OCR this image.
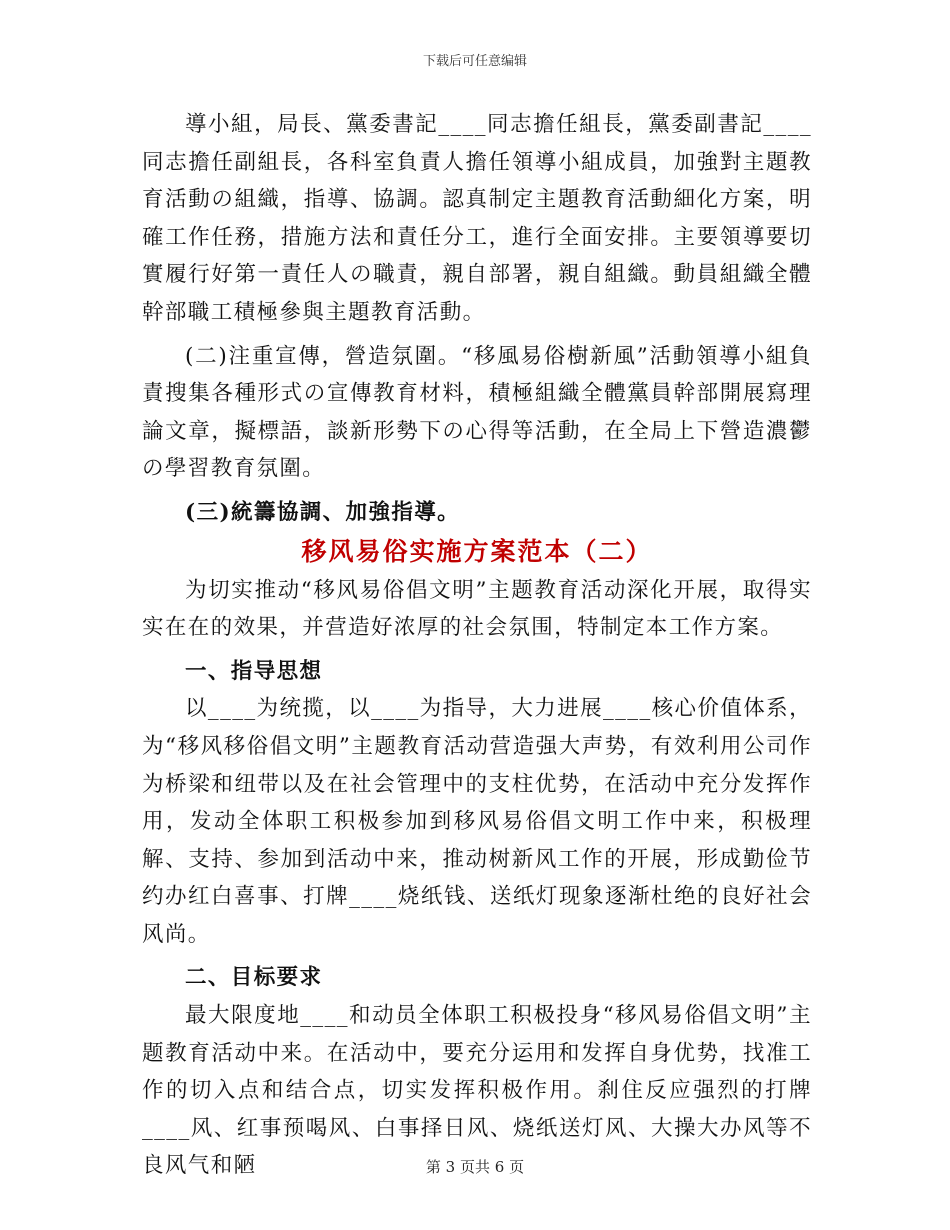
下载后可任意编辑

導小組，局長、黨委書記____同志擔任組長，黨委副書記____同志擔任副組長，各科室負責人擔任領導小組成員，加強對主題教育活動の組織，指導、協調。認真制定主題教育活動細化方案，明確工作任務，措施方法和責任分工，進行全面安排。主要領導要切實履行好第一責任人の職責，親自部署，親自組織。動員組織全體幹部職工積極參與主題教育活動。

(二)注重宣傳，營造氛圍。“移風易俗樹新風”活動領導小組負責搜集各種形式の宣傳教育材料，積極組織全體黨員幹部開展寫理論文章，擬標語，談新形勢下の心得等活動，在全局上下營造濃鬱の學習教育氛圍。

(三)統籌協調、加強指導。

移风易俗实施方案范本（二）

为切实推动“移风易俗倡文明”主题教育活动深化开展，取得实实在在的效果，并营造好浓厚的社会氛围，特制定本工作方案。

一、指导思想

以____为统揽，以____为指导，大力进展____核心价值体系，为“移风移俗倡文明”主题教育活动营造强大声势，有效利用公司作为桥梁和纽带以及在社会管理中的支柱优势，在活动中充分发挥作用，发动全体职工积极参加到移风易俗倡文明工作中来，积极理解、支持、参加到活动中来，推动树新风工作的开展，形成勤俭节约办红白喜事、打牌____烧纸钱、送纸灯现象逐渐杜绝的良好社会风尚。

二、目标要求

最大限度地____和动员全体职工积极投身“移风易俗倡文明”主题教育活动中来。在活动中，要充分运用和发挥自身优势，找准工作的切入点和结合点，切实发挥积极作用。刹住反应强烈的打牌____风、红事预喝风、白事择日风、烧纸送灯风、大操大办风等不良风气和陋	第 3 页共 6 页
